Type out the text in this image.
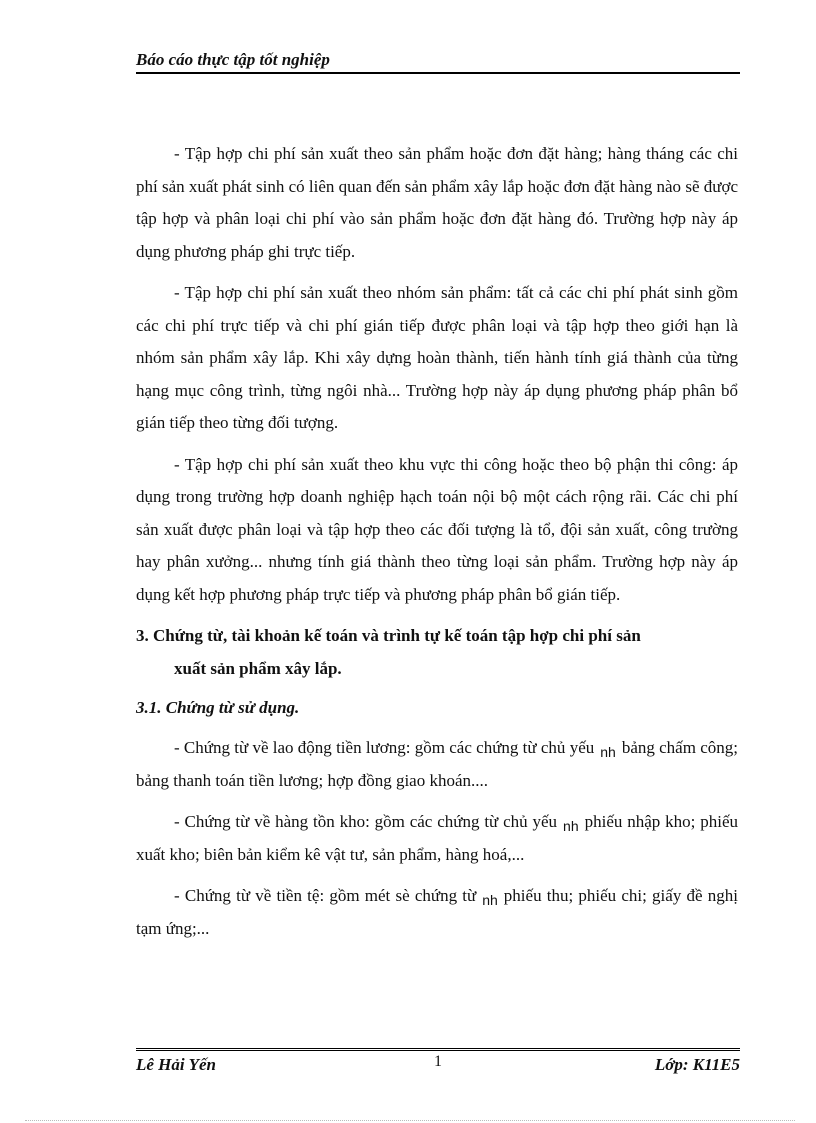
Báo cáo thực tập tốt nghiệp

- Tập hợp chi phí sản xuất theo sản phẩm hoặc đơn đặt hàng; hàng tháng các chi phí sản xuất phát sinh có liên quan đến sản phẩm xây lắp hoặc đơn đặt hàng nào sẽ được tập hợp và phân loại chi phí vào sản phẩm hoặc đơn đặt hàng đó. Trường hợp này áp dụng phương pháp ghi trực tiếp.

- Tập hợp chi phí sản xuất theo nhóm sản phẩm: tất cả các chi phí phát sinh gồm các chi phí trực tiếp và chi phí gián tiếp được phân loại và tập hợp theo giới hạn là nhóm sản phẩm xây lắp. Khi xây dựng hoàn thành, tiến hành tính giá thành của từng hạng mục công trình, từng ngôi nhà... Trường hợp này áp dụng phương pháp phân bổ gián tiếp theo từng đối tượng.

- Tập hợp chi phí sản xuất theo khu vực thi công hoặc theo bộ phận thi công: áp dụng trong trường hợp doanh nghiệp hạch toán nội bộ một cách rộng rãi. Các chi phí sản xuất được phân loại và tập hợp theo các đối tượng là tổ, đội sản xuất, công trường hay phân xưởng... nhưng tính giá thành theo từng loại sản phẩm. Trường hợp này áp dụng kết hợp phương pháp trực tiếp và phương pháp phân bổ gián tiếp.

3. Chứng từ, tài khoản kế toán và trình tự kế toán tập hợp chi phí sản
xuất sản phẩm xây lắp.
3.1. Chứng từ sử dụng.

- Chứng từ về lao động tiền lương: gồm các chứng từ chủ yếu $_{nh}$ bảng chấm công; bảng thanh toán tiền lương; hợp đồng giao khoán....

- Chứng từ về hàng tồn kho: gồm các chứng từ chủ yếu $_{nh}$ phiếu nhập kho; phiếu xuất kho; biên bản kiểm kê vật tư, sản phẩm, hàng hoá,...

- Chứng từ về tiền tệ: gồm mét sè chứng từ $_{nh}$ phiếu thu; phiếu chi; giấy đề nghị tạm ứng;...

Lê Hải Yến	1	Lớp: K11E5
